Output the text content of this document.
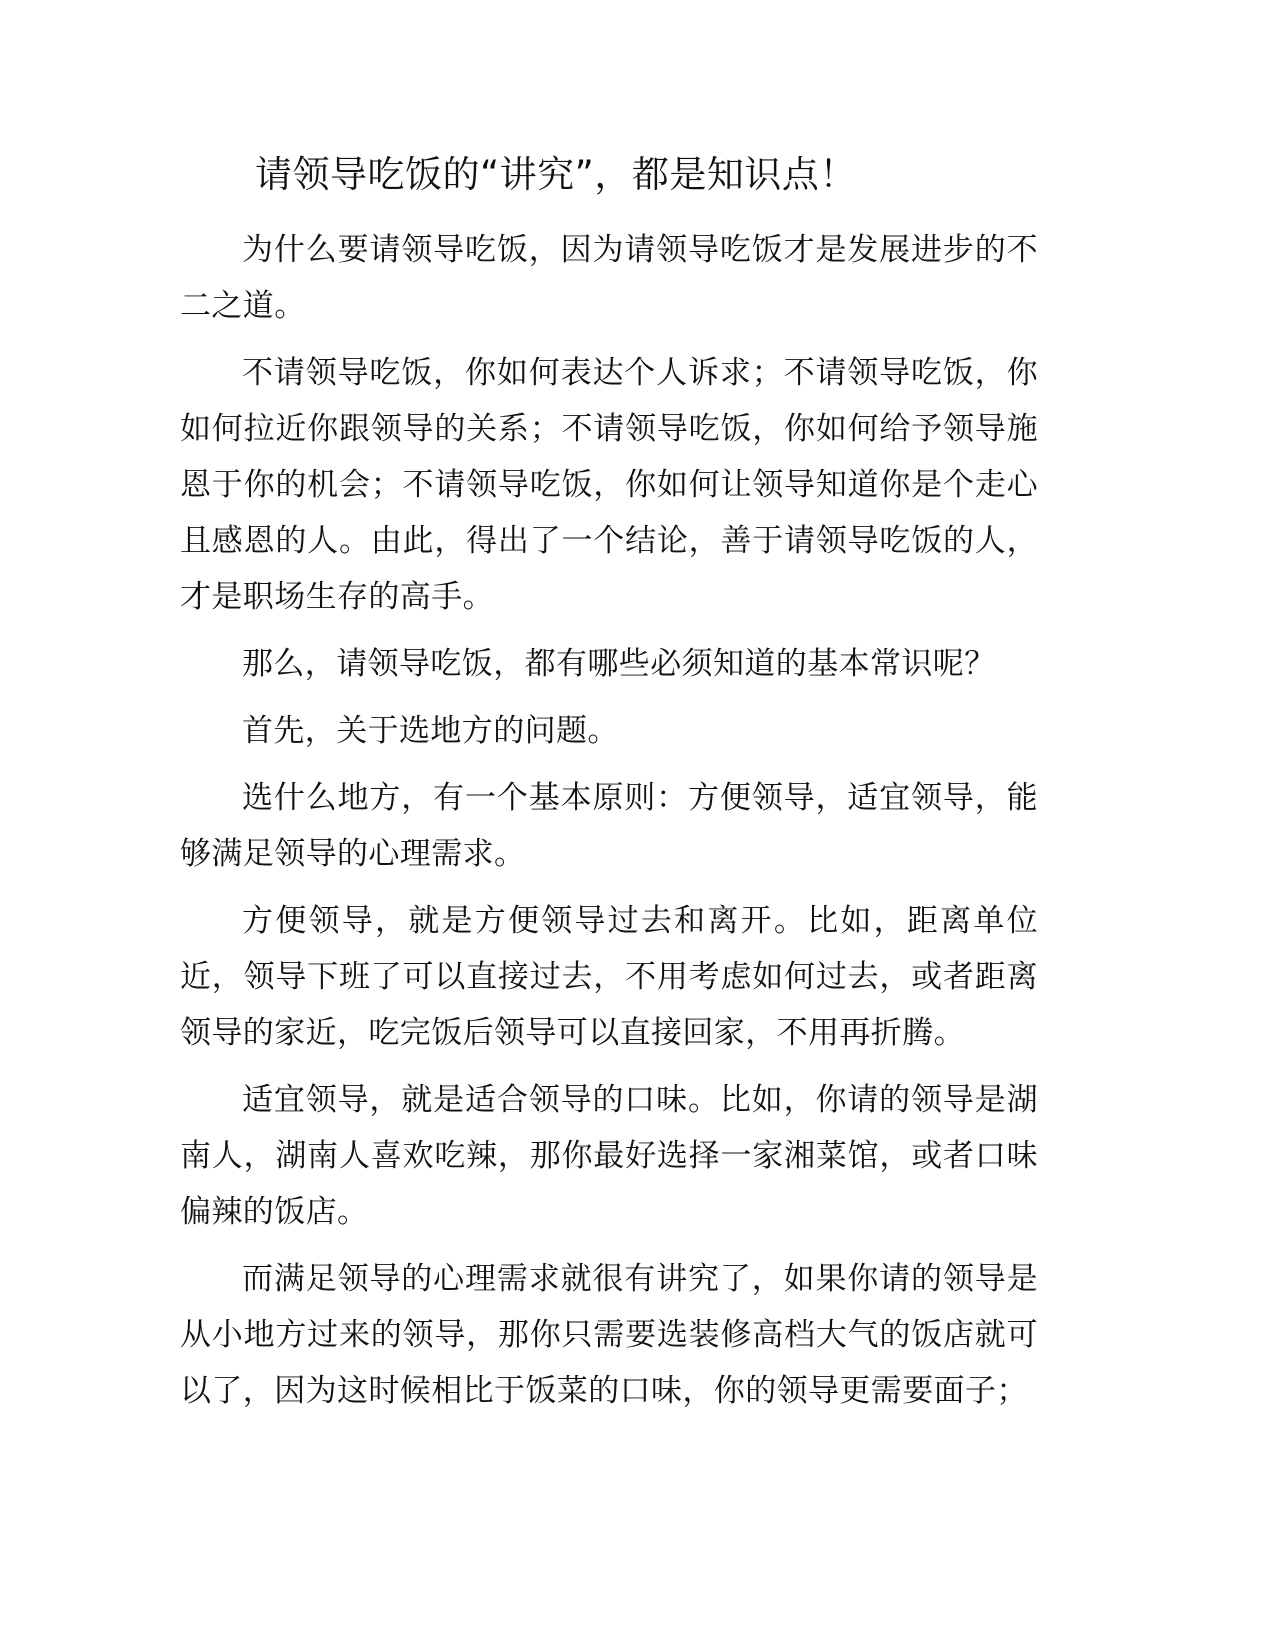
请领导吃饭的“讲究”，都是知识点！

为什么要请领导吃饭，因为请领导吃饭才是发展进步的不二之道。

不请领导吃饭，你如何表达个人诉求；不请领导吃饭，你如何拉近你跟领导的关系；不请领导吃饭，你如何给予领导施恩于你的机会；不请领导吃饭，你如何让领导知道你是个走心且感恩的人。由此，得出了一个结论，善于请领导吃饭的人，才是职场生存的高手。

那么，请领导吃饭，都有哪些必须知道的基本常识呢？

首先，关于选地方的问题。

选什么地方，有一个基本原则：方便领导，适宜领导，能够满足领导的心理需求。

方便领导，就是方便领导过去和离开。比如，距离单位近，领导下班了可以直接过去，不用考虑如何过去，或者距离领导的家近，吃完饭后领导可以直接回家，不用再折腾。

适宜领导，就是适合领导的口味。比如，你请的领导是湖南人，湖南人喜欢吃辣，那你最好选择一家湘菜馆，或者口味偏辣的饭店。

而满足领导的心理需求就很有讲究了，如果你请的领导是从小地方过来的领导，那你只需要选装修高档大气的饭店就可以了，因为这时候相比于饭菜的口味，你的领导更需要面子；
